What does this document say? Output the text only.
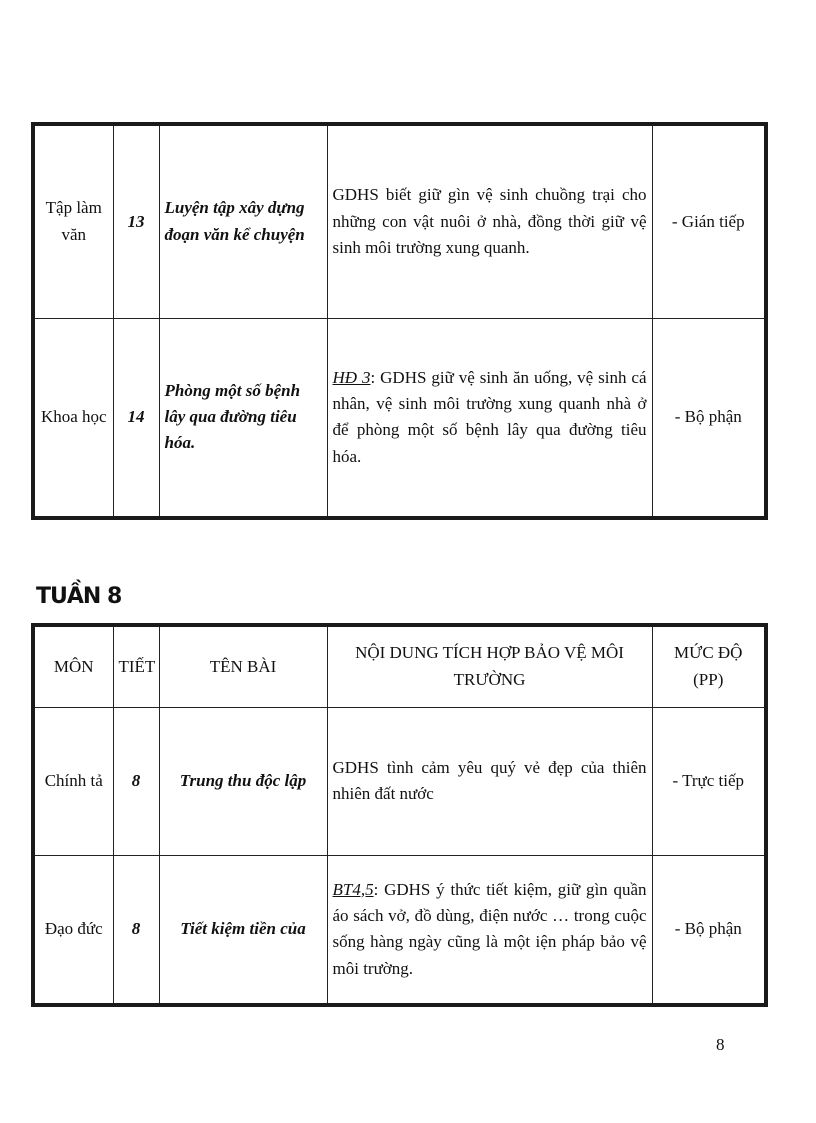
Tập làm văn	13	Luyện tập xây dựng đoạn văn kể chuyện	GDHS biết giữ gìn vệ sinh chuồng trại cho những con vật nuôi ở nhà, đồng thời giữ vệ sinh môi trường xung quanh.	- Gián tiếp
Khoa học	14	Phòng một số bệnh lây qua đường tiêu hóa.	HĐ 3: GDHS giữ vệ sinh ăn uống, vệ sinh cá nhân, vệ sinh môi trường xung quanh nhà ở để phòng một số bệnh lây qua đường tiêu hóa.	- Bộ phận
TUẦN 8
MÔN	TIẾT	TÊN BÀI	NỘI DUNG TÍCH HỢP BẢO VỆ MÔI TRƯỜNG	MỨC ĐỘ (PP)
Chính tả	8	Trung thu độc lập	GDHS tình cảm yêu quý vẻ đẹp của thiên nhiên đất nước	- Trực tiếp
Đạo đức	8	Tiết kiệm tiền của	BT4,5: GDHS ý thức tiết kiệm, giữ gìn quần áo sách vở, đồ dùng, điện nước … trong cuộc sống hàng ngày cũng là một iện pháp bảo vệ môi trường.	- Bộ phận
8
